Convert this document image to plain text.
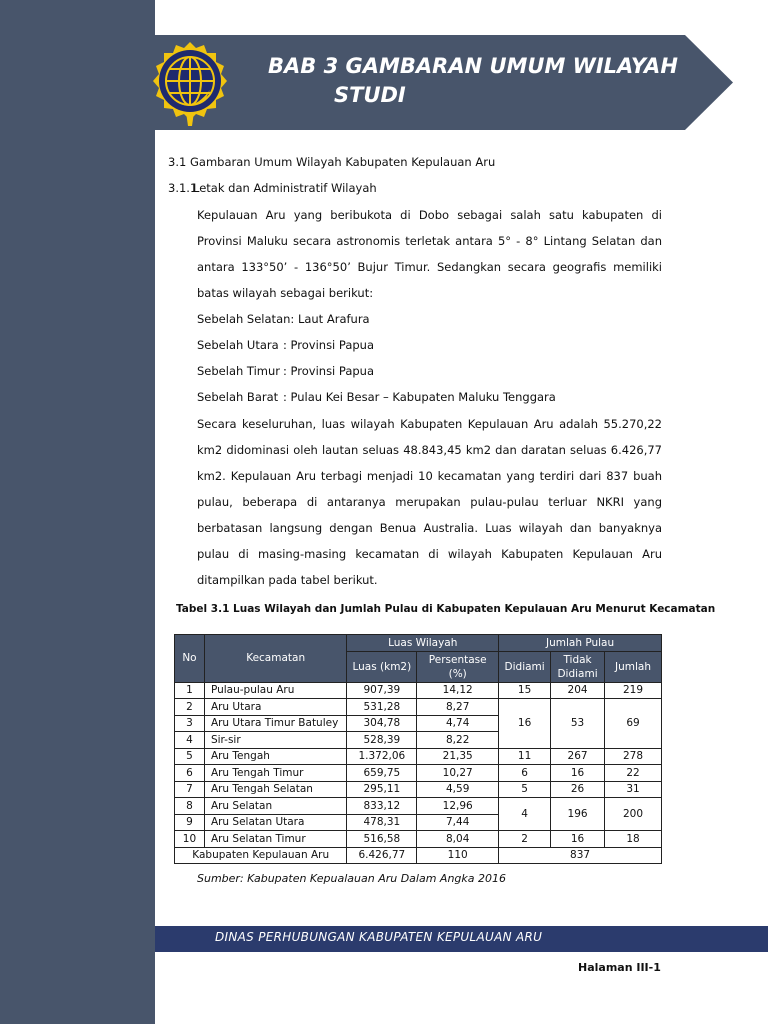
BAB 3 GAMBARAN UMUM WILAYAH
STUDI
3.1 Gambaran Umum Wilayah Kabupaten Kepulauan Aru
3.1.1Letak dan Administratif Wilayah
Kepulauan Aru yang beribukota di Dobo sebagai salah satu kabupaten di Provinsi Maluku secara astronomis terletak antara 5° - 8° Lintang Selatan dan antara 133°50’ - 136°50’ Bujur Timur. Sedangkan secara geografis memiliki batas wilayah sebagai berikut:
Sebelah Selatan: Laut Arafura
Sebelah Utara : Provinsi Papua
Sebelah Timur : Provinsi Papua
Sebelah Barat : Pulau Kei Besar – Kabupaten Maluku Tenggara
Secara keseluruhan, luas wilayah Kabupaten Kepulauan Aru adalah 55.270,22 km2 didominasi oleh lautan seluas 48.843,45 km2 dan daratan seluas 6.426,77 km2. Kepulauan Aru terbagi menjadi 10 kecamatan yang terdiri dari 837 buah pulau, beberapa di antaranya merupakan pulau-pulau terluar NKRI yang berbatasan langsung dengan Benua Australia. Luas wilayah dan banyaknya pulau di masing-masing kecamatan di wilayah Kabupaten Kepulauan Aru ditampilkan pada tabel berikut.
Tabel 3.1 Luas Wilayah dan Jumlah Pulau di Kabupaten Kepulauan Aru Menurut Kecamatan
No	Kecamatan	Luas Wilayah		Jumlah Pulau		
		Luas (km2)	Persentase (%)	Didiami	Tidak Didiami	Jumlah
1	Pulau-pulau Aru	907,39	14,12	15	204	219
2	Aru Utara	531,28	8,27	16	53	69
3	Aru Utara Timur Batuley	304,78	4,74			
4	Sir-sir	528,39	8,22			
5	Aru Tengah	1.372,06	21,35	11	267	278
6	Aru Tengah Timur	659,75	10,27	6	16	22
7	Aru Tengah Selatan	295,11	4,59	5	26	31
8	Aru Selatan	833,12	12,96	4	196	200
9	Aru Selatan Utara	478,31	7,44			
10	Aru Selatan Timur	516,58	8,04	2	16	18
Kabupaten Kepulauan Aru		6.426,77	110	837		
Sumber: Kabupaten Kepualauan Aru Dalam Angka 2016
DINAS PERHUBUNGAN KABUPATEN KEPULAUAN ARU
Halaman III-1
